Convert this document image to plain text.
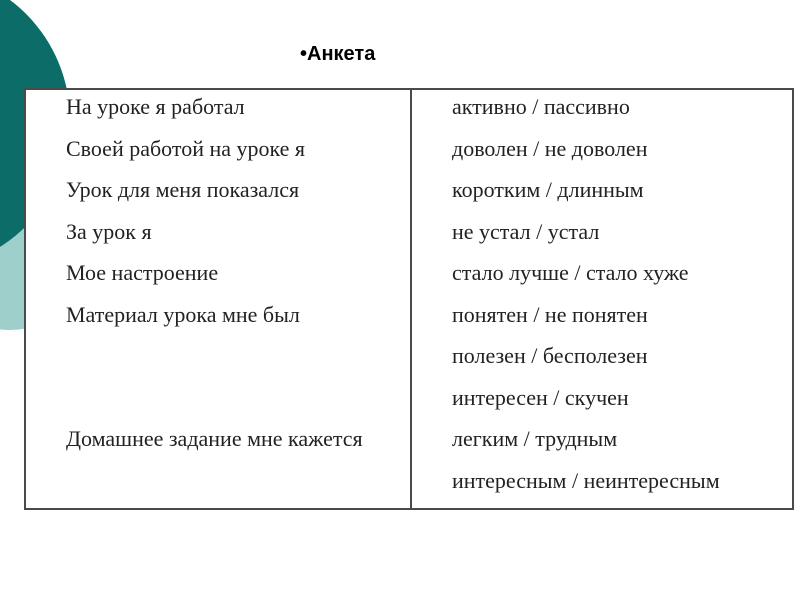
•Анкета
На уроке я работал
Своей работой на уроке я
Урок для меня показался
За урок я
Мое настроение
Материал урока мне был
Домашнее задание мне кажется
активно / пассивно
доволен / не доволен
коротким / длинным
не устал / устал
стало лучше / стало хуже
понятен / не понятен
полезен / бесполезен
интересен / скучен
легким / трудным
интересным / неинтересным
